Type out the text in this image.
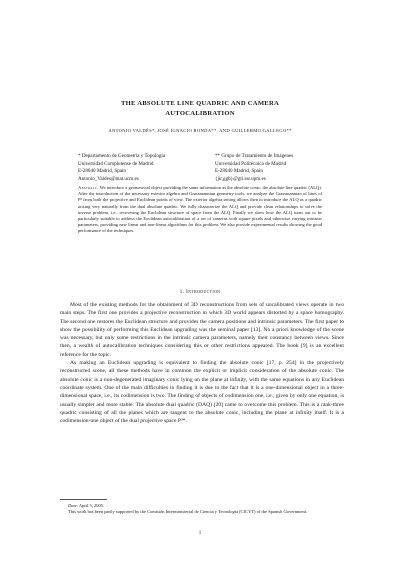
THE ABSOLUTE LINE QUADRIC AND CAMERA
AUTOCALIBRATION
ANTONIO VALDÉS*, JOSÉ IGNACIO RONDA**, AND GUILLERMO GALLEGO**
* Departamento de Geometría y Topología
Universidad Complutense de Madrid
E-28040 Madrid, Spain
Antonio_Valdes@mat.ucm.es
** Grupo de Tratamiento de Imágenes
Universidad Politécnica de Madrid
E-28040 Madrid, Spain
{jir,ggb}@gti.ssr.upm.es
Abstract. We introduce a geometrical object providing the same information as the absolute conic: the absolute line quadric (ALQ). After the introduction of the necessary exterior algebra and Grassmannian geometry tools, we analyze the Grassmannian of lines of P³ from both the projective and Euclidean points of view. The exterior algebra setting allows then to introduce the ALQ as a quadric arising very naturally from the dual absolute quadric. We fully characterize the ALQ and provide clean relationships to solve the inverse problem, i.e., recovering the Euclidean structure of space from the ALQ. Finally we show how the ALQ turns out to be particularly suitable to address the Euclidean autocalibration of a set of cameras with square pixels and otherwise varying intrinsic parameters, providing new linear and non-linear algorithms for this problem. We also provide experimental results showing the good performance of the techniques.
1. Introduction

Most of the existing methods for the obtainment of 3D reconstructions from sets of uncalibrated views operate in two main steps. The first one provides a projective reconstruction in which 3D world appears distorted by a space homography. The second one restores the Euclidean structure and provides the camera positions and intrinsic parameters. The first paper to show the possibility of performing this Euclidean upgrading was the seminal paper [13]. No a priori knowledge of the scene was necessary, but only some restrictions in the intrinsic camera parameters, namely their constancy between views. Since then, a wealth of autocalibration techniques considering this or other restrictions appeared. The book [9] is an excellent reference for the topic.

As making an Euclidean upgrading is equivalent to finding the absolute conic [17, p. 254] in the projectively reconstructed scene, all these methods have in common the explicit or implicit consideration of the absolute conic. The absolute conic is a non-degenerated imaginary conic lying on the plane at infinity, with the same equations in any Euclidean coordinate system. One of the main difficulties in finding it is due to the fact that it is a one-dimensional object in a three-dimensional space, i.e., its codimension is two. The finding of objects of codimension one, i.e., given by only one equation, is usually simpler and more stable. The absolute dual quadric (DAQ) [20] came to overcome this problem. This is a rank-three quadric consisting of all the planes which are tangent to the absolute conic, including the plane at infinity itself. It is a codimension-one object of the dual projective space P³*.

Date: April 5, 2005.

This work has been partly supported by the Comisión Interministerial de Ciencia y Tecnología (CICYT) of the Spanish Government.

1
